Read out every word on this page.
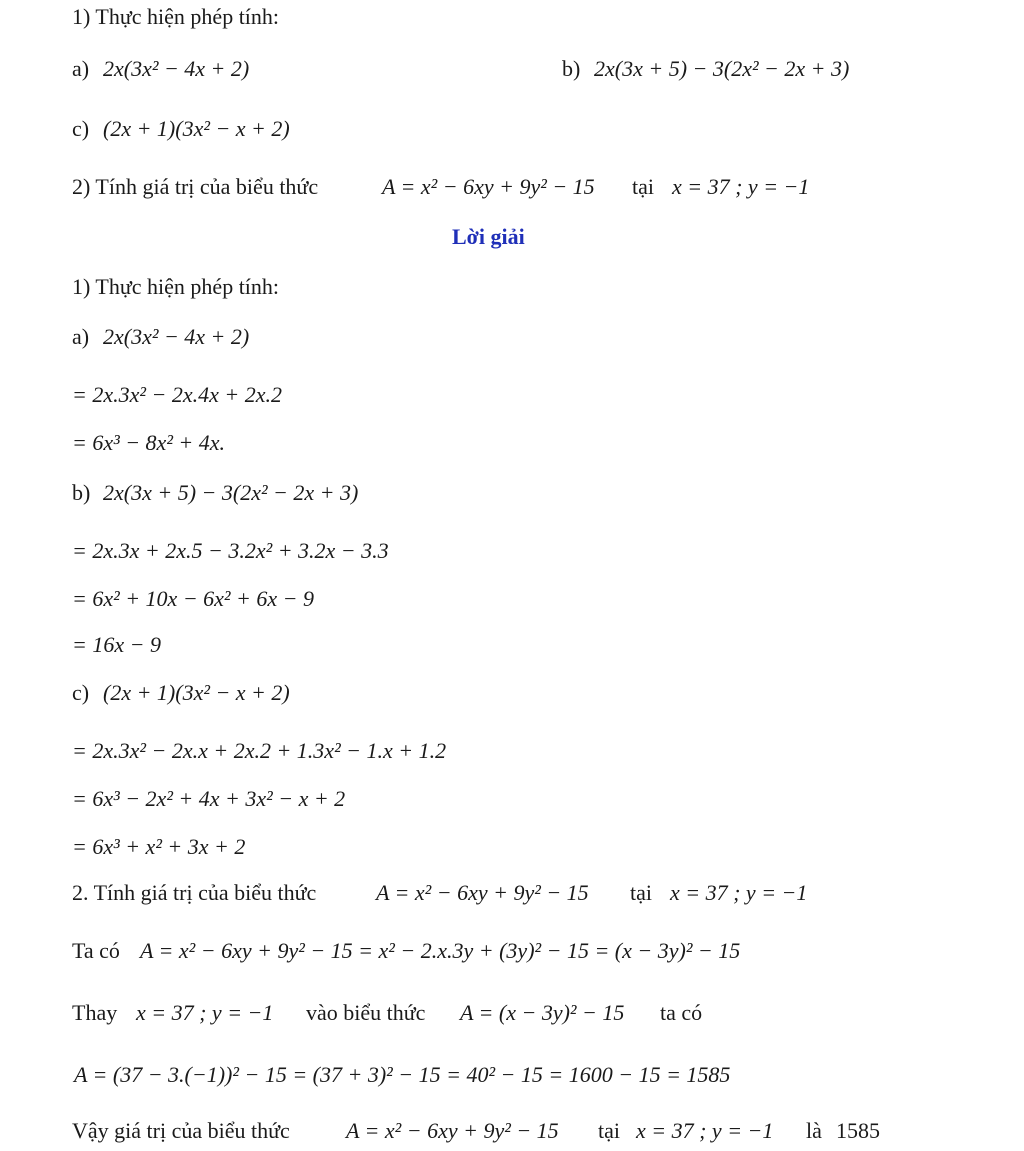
1) Thực hiện phép tính:
a) 2x(3x² − 4x + 2)	b) 2x(3x + 5) − 3(2x² − 2x + 3)
c) (2x + 1)(3x² − x + 2)
2) Tính giá trị của biểu thức	A = x² − 6xy + 9y² − 15 tại x = 37 ; y = −1
Lời giải
1) Thực hiện phép tính:
a) 2x(3x² − 4x + 2)
= 2x.3x² − 2x.4x + 2x.2
= 6x³ − 8x² + 4x.
b) 2x(3x + 5) − 3(2x² − 2x + 3)
= 2x.3x + 2x.5 − 3.2x² + 3.2x − 3.3
= 6x² + 10x − 6x² + 6x − 9
= 16x − 9
c) (2x + 1)(3x² − x + 2)
= 2x.3x² − 2x.x + 2x.2 + 1.3x² − 1.x + 1.2
= 6x³ − 2x² + 4x + 3x² − x + 2
= 6x³ + x² + 3x + 2
2. Tính giá trị của biểu thức	A = x² − 6xy + 9y² − 15 tại x = 37 ; y = −1
Ta có A = x² − 6xy + 9y² − 15 = x² − 2.x.3y + (3y)² − 15 = (x − 3y)² − 15
Thay x = 37 ; y = −1 vào biểu thức A = (x − 3y)² − 15 ta có
A = (37 − 3.(−1))² − 15 = (37 + 3)² − 15 = 40² − 15 = 1600 − 15 = 1585
Vậy giá trị của biểu thức	A = x² − 6xy + 9y² − 15 tại x = 37 ; y = −1 là 1585
